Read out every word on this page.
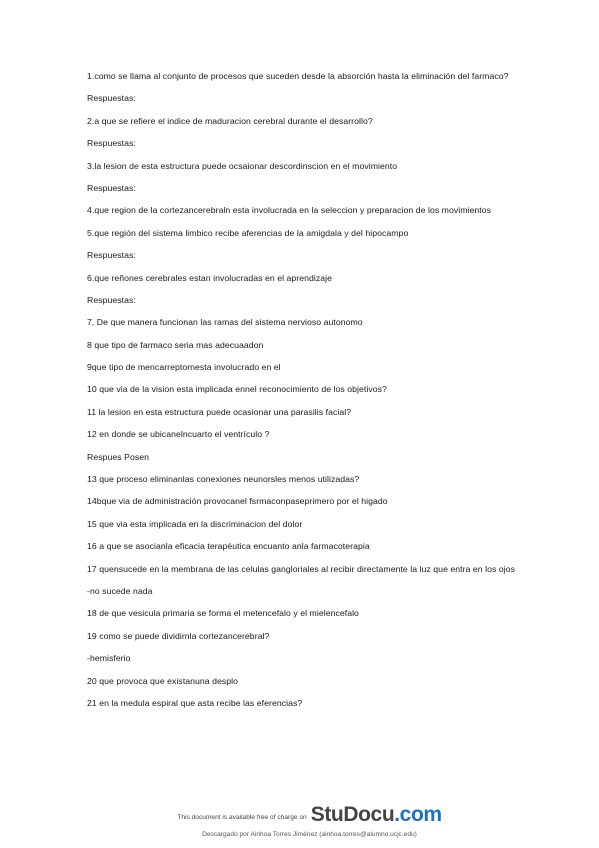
1.como se llama al conjunto de procesos que suceden desde la absorción hasta la eliminación del farmaco?

Respuestas:

2.a que se refiere el indice de maduracion cerebral durante el desarrollo?

Respuestas:

3.la lesion de esta estructura puede ocsaionar descordinscion en el movimiento

Respuestas:

4.que region de la cortezancerebraln esta involucrada en la seleccion y preparacion de los movimientos

5.que región del sistema limbico recibe aferencias de la amigdala y del hipocampo

Respuestas:

6.que reñones cerebrales estan involucradas en el aprendizaje

Respuestas:

7. De que manera funcionan las ramas del sistema nervioso autonomo

8 que tipo de farmaco seria mas adecuaadon

9que tipo de mencarreptornesta involucrado en el

10 que via de la vision esta implicada ennel reconocimiento de los objetivos?

11 la lesion en esta estructura puede ocasionar una parasilis facial?

12 en donde se ubicanelncuarto el ventrículo ?

Respues Posen

13 que proceso eliminanlas conexiones neunorsles menos utilizadas?

14bque via de administración provocanel fsrmaconpaseprimero por el higado

15 que via esta implicada en la discriminacion del dolor

16 a que se asocianla eficacia terapéutica encuanto anla farmacoterapia

17 quensucede en la membrana de las celulas gangloriales al recibir directamente la luz que entra en los ojos

-no sucede nada

18 de que vesicula primaria se forma el metencefalo y el mielencefalo

19 como se puede dividirnla cortezancerebral?

-hemisferio

20 que provoca que existanuna desplo

21 en la medula espiral que asta recibe las eferencias?

This document is available free of charge on StuDocu.com
Descargado por Ainhoa Torres Jiménez (ainhoa.torres@alumno.ucjc.edu)
